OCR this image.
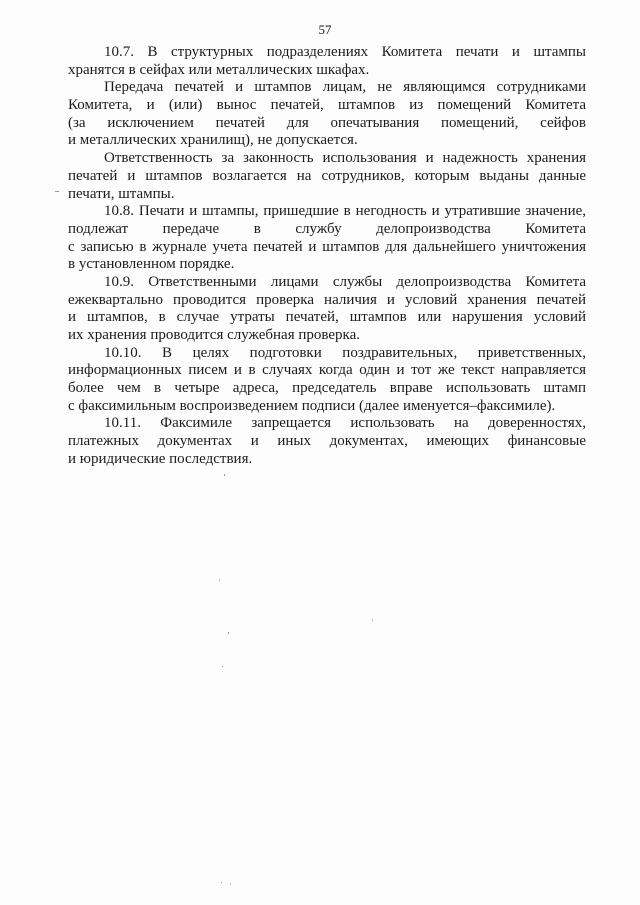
57
10.7. В структурных подразделениях Комитета печати и штампы
хранятся в сейфах или металлических шкафах.
Передача печатей и штампов лицам, не являющимся сотрудниками
Комитета, и (или) вынос печатей, штампов из помещений Комитета
(за исключением печатей для опечатывания помещений, сейфов
и металлических хранилищ), не допускается.
Ответственность за законность использования и надежность хранения
печатей и штампов возлагается на сотрудников, которым выданы данные
печати, штампы.
10.8. Печати и штампы, пришедшие в негодность и утратившие значение,
подлежат передаче в службу делопроизводства Комитета
с записью в журнале учета печатей и штампов для дальнейшего уничтожения
в установленном порядке.
10.9. Ответственными лицами службы делопроизводства Комитета
ежеквартально проводится проверка наличия и условий хранения печатей
и штампов, в случае утраты печатей, штампов или нарушения условий
их хранения проводится служебная проверка.
10.10. В целях подготовки поздравительных, приветственных,
информационных писем и в случаях когда один и тот же текст направляется
более чем в четыре адреса, председатель вправе использовать штамп
с факсимильным воспроизведением подписи (далее именуется–факсимиле).
10.11. Факсимиле запрещается использовать на доверенностях,
платежных документах и иных документах, имеющих финансовые
и юридические последствия.
